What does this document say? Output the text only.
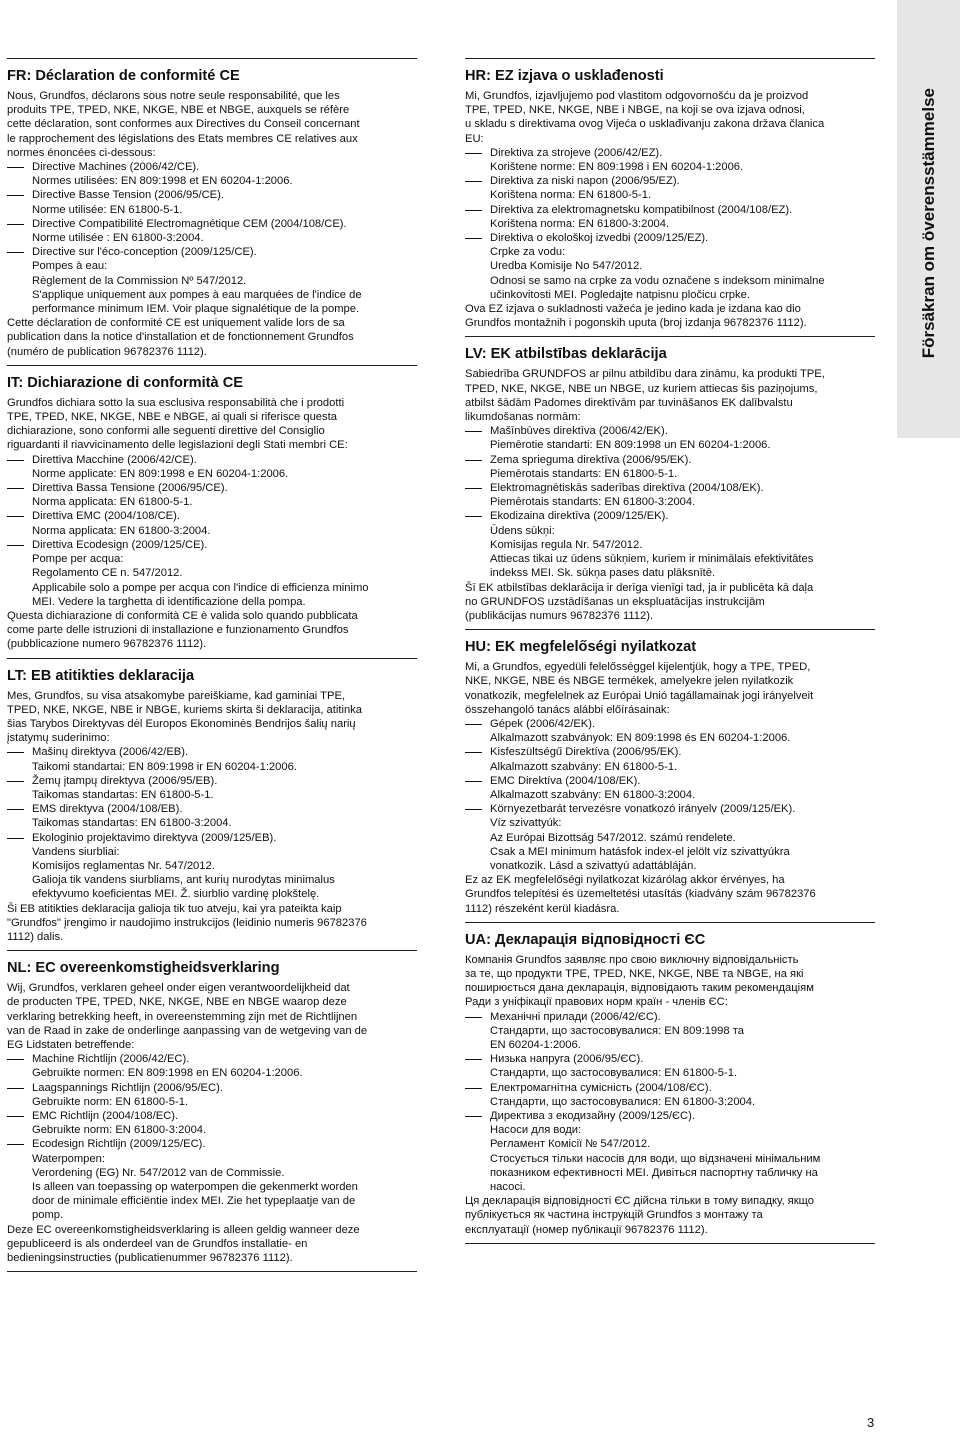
FR: Déclaration de conformité CE
Nous, Grundfos, déclarons sous notre seule responsabilité, que les
produits TPE, TPED, NKE, NKGE, NBE et NBGE, auxquels se réfère
cette déclaration, sont conformes aux Directives du Conseil concernant
le rapprochement des législations des Etats membres CE relatives aux
normes énoncées ci-dessous:
Directive Machines (2006/42/CE).
Normes utilisées: EN 809:1998 et EN 60204-1:2006.
Directive Basse Tension (2006/95/CE).
Norme utilisée: EN 61800-5-1.
Directive Compatibilité Electromagnétique CEM (2004/108/CE).
Norme utilisée : EN 61800-3:2004.
Directive sur l'éco-conception (2009/125/CE).
Pompes à eau:
Règlement de la Commission Nº 547/2012.
S'applique uniquement aux pompes à eau marquées de l'indice de
performance minimum IEM. Voir plaque signalétique de la pompe.
Cette déclaration de conformité CE est uniquement valide lors de sa
publication dans la notice d'installation et de fonctionnement Grundfos
(numéro de publication 96782376 1112).
IT: Dichiarazione di conformità CE
Grundfos dichiara sotto la sua esclusiva responsabilità che i prodotti
TPE, TPED, NKE, NKGE, NBE e NBGE, ai quali si riferisce questa
dichiarazione, sono conformi alle seguenti direttive del Consiglio
riguardanti il riavvicinamento delle legislazioni degli Stati membri CE:
Direttiva Macchine (2006/42/CE).
Norme applicate: EN 809:1998 e EN 60204-1:2006.
Direttiva Bassa Tensione (2006/95/CE).
Norma applicata: EN 61800-5-1.
Direttiva EMC (2004/108/CE).
Norma applicata: EN 61800-3:2004.
Direttiva Ecodesign (2009/125/CE).
Pompe per acqua:
Regolamento CE n. 547/2012.
Applicabile solo a pompe per acqua con l'indice di efficienza minimo
MEI. Vedere la targhetta di identificazione della pompa.
Questa dichiarazione di conformità CE è valida solo quando pubblicata
come parte delle istruzioni di installazione e funzionamento Grundfos
(pubblicazione numero 96782376 1112).
LT: EB atitikties deklaracija
Mes, Grundfos, su visa atsakomybe pareiškiame, kad gaminiai TPE,
TPED, NKE, NKGE, NBE ir NBGE, kuriems skirta ši deklaracija, atitinka
šias Tarybos Direktyvas dėl Europos Ekonominės Bendrijos šalių narių
įstatymų suderinimo:
Mašinų direktyva (2006/42/EB).
Taikomi standartai: EN 809:1998 ir EN 60204-1:2006.
Žemų įtampų direktyva (2006/95/EB).
Taikomas standartas: EN 61800-5-1.
EMS direktyva (2004/108/EB).
Taikomas standartas: EN 61800-3:2004.
Ekologinio projektavimo direktyva (2009/125/EB).
Vandens siurbliai:
Komisijos reglamentas Nr. 547/2012.
Galioja tik vandens siurbliams, ant kurių nurodytas minimalus
efektyvumo koeficientas MEI. Ž. siurblio vardinę plokštelę.
Ši EB atitikties deklaracija galioja tik tuo atveju, kai yra pateikta kaip
"Grundfos" įrengimo ir naudojimo instrukcijos (leidinio numeris 96782376
1112) dalis.
NL: EC overeenkomstigheidsverklaring
Wij, Grundfos, verklaren geheel onder eigen verantwoordelijkheid dat
de producten TPE, TPED, NKE, NKGE, NBE en NBGE waarop deze
verklaring betrekking heeft, in overeenstemming zijn met de Richtlijnen
van de Raad in zake de onderlinge aanpassing van de wetgeving van de
EG Lidstaten betreffende:
Machine Richtlijn (2006/42/EC).
Gebruikte normen: EN 809:1998 en EN 60204-1:2006.
Laagspannings Richtlijn (2006/95/EC).
Gebruikte norm: EN 61800-5-1.
EMC Richtlijn (2004/108/EC).
Gebruikte norm: EN 61800-3:2004.
Ecodesign Richtlijn (2009/125/EC).
Waterpompen:
Verordening (EG) Nr. 547/2012 van de Commissie.
Is alleen van toepassing op waterpompen die gekenmerkt worden
door de minimale efficiëntie index MEI. Zie het typeplaatje van de
pomp.
Deze EC overeenkomstigheidsverklaring is alleen geldig wanneer deze
gepubliceerd is als onderdeel van de Grundfos installatie- en
bedieningsinstructies (publicatienummer 96782376 1112).
HR: EZ izjava o usklađenosti
Mi, Grundfos, izjavljujemo pod vlastitom odgovornošću da je proizvod
TPE, TPED, NKE, NKGE, NBE i NBGE, na koji se ova izjava odnosi,
u skladu s direktivama ovog Vijeća o usklađivanju zakona država članica
EU:
Direktiva za strojeve (2006/42/EZ).
Korištene norme: EN 809:1998 i EN 60204-1:2006.
Direktiva za niski napon (2006/95/EZ).
Korištena norma: EN 61800-5-1.
Direktiva za elektromagnetsku kompatibilnost (2004/108/EZ).
Korištena norma: EN 61800-3:2004.
Direktiva o ekološkoj izvedbi (2009/125/EZ).
Crpke za vodu:
Uredba Komisije No 547/2012.
Odnosi se samo na crpke za vodu označene s indeksom minimalne
učinkovitosti MEI. Pogledajte natpisnu pločicu crpke.
Ova EZ izjava o sukladnosti važeća je jedino kada je izdana kao dio
Grundfos montažnih i pogonskih uputa (broj izdanja 96782376 1112).
LV: EK atbilstības deklarācija
Sabiedrība GRUNDFOS ar pilnu atbildību dara zināmu, ka produkti TPE,
TPED, NKE, NKGE, NBE un NBGE, uz kuriem attiecas šis paziņojums,
atbilst šādām Padomes direktīvām par tuvināšanos EK dalībvalstu
likumdošanas normām:
Mašīnbūves direktīva (2006/42/EK).
Piemērotie standarti: EN 809:1998 un EN 60204-1:2006.
Zema sprieguma direktīva (2006/95/EK).
Piemērotais standarts: EN 61800-5-1.
Elektromagnētiskās saderības direktīva (2004/108/EK).
Piemērotais standarts: EN 61800-3:2004.
Ekodizaina direktīva (2009/125/EK).
Ūdens sūkņi:
Komisijas regula Nr. 547/2012.
Attiecas tikai uz ūdens sūkņiem, kuriem ir minimālais efektivitātes
indekss MEI. Sk. sūkņa pases datu plāksnītē.
Šī EK atbilstības deklarācija ir derīga vienīgi tad, ja ir publicēta kā daļa
no GRUNDFOS uzstādīšanas un ekspluatācijas instrukcijām
(publikācijas numurs 96782376 1112).
HU: EK megfelelőségi nyilatkozat
Mi, a Grundfos, egyedüli felelősséggel kijelentjük, hogy a TPE, TPED,
NKE, NKGE, NBE és NBGE termékek, amelyekre jelen nyilatkozik
vonatkozik, megfelelnek az Európai Unió tagállamainak jogi irányelveit
összehangoló tanács alábbi előírásainak:
Gépek (2006/42/EK).
Alkalmazott szabványok: EN 809:1998 és EN 60204-1:2006.
Kisfeszültségű Direktíva (2006/95/EK).
Alkalmazott szabvány: EN 61800-5-1.
EMC Direktíva (2004/108/EK).
Alkalmazott szabvány: EN 61800-3:2004.
Környezetbarát tervezésre vonatkozó irányelv (2009/125/EK).
Víz szivattyúk:
Az Európai Bizottság 547/2012. számú rendelete.
Csak a MEI minimum hatásfok index-el jelölt víz szivattyúkra
vonatkozik. Lásd a szivattyú adattábláján.
Ez az EK megfelelőségi nyilatkozat kizárólag akkor érvényes, ha
Grundfos telepítési és üzemeltetési utasítás (kiadvány szám 96782376
1112) részeként kerül kiadásra.
UA: Декларація відповідності ЄС
Компанія Grundfos заявляє про свою виключну відповідальність
за те, що продукти TPE, TPED, NKE, NKGE, NBE та NBGE, на які
поширюється дана декларація, відповідають таким рекомендаціям
Ради з уніфікації правових норм країн - членів ЄС:
Механічні прилади (2006/42/ЄС).
Стандарти, що застосовувалися: EN 809:1998 та
EN 60204-1:2006.
Низька напруга (2006/95/ЄС).
Стандарти, що застосовувалися: EN 61800-5-1.
Електромагнітна сумісність (2004/108/ЄС).
Стандарти, що застосовувалися: EN 61800-3:2004.
Директива з екодизайну (2009/125/ЄС).
Насоси для води:
Регламент Комісії № 547/2012.
Стосується тільки насосів для води, що відзначені мінімальним
показником ефективності MEI. Дивіться паспортну табличку на
насосі.
Ця декларація відповідності ЄС дійсна тільки в тому випадку, якщо
публікується як частина інструкцій Grundfos з монтажу та
експлуатації (номер публікації 96782376 1112).
Försäkran om överensstämmelse
3
